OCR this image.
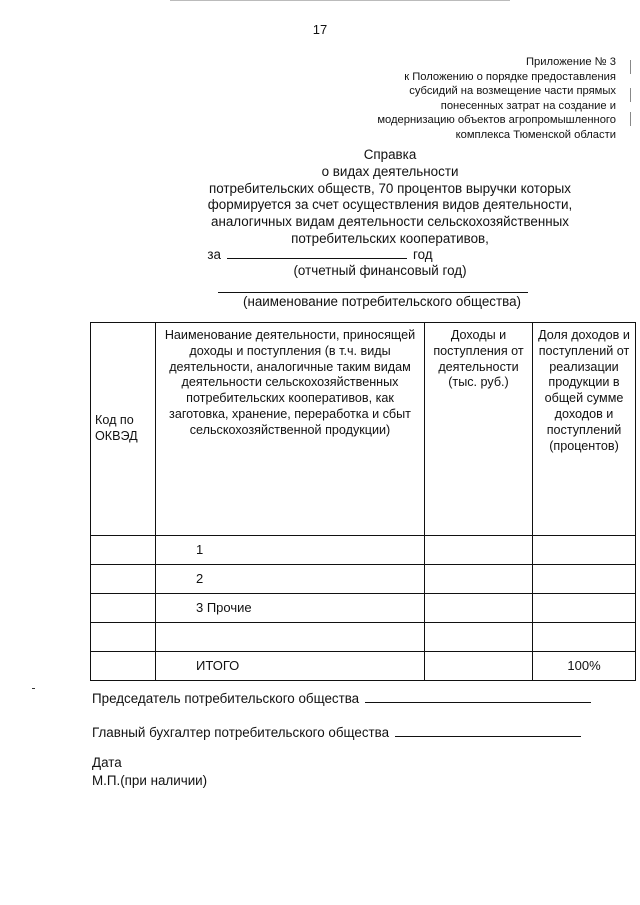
17
Приложение № 3
к Положению о порядке предоставления
субсидий на возмещение части прямых
понесенных затрат на создание и
модернизацию объектов агропромышленного
комплекса Тюменской области
Справка
о видах деятельности
потребительских обществ, 70 процентов выручки которых
формируется за счет осуществления видов деятельности,
аналогичных видам деятельности сельскохозяйственных
потребительских кооперативов,
за	год
(отчетный финансовый год)
(наименование потребительского общества)
Код по ОКВЭД	Наименование деятельности, приносящей доходы и поступления (в т.ч. виды деятельности, аналогичные таким видам деятельности сельскохозяйственных потребительских кооперативов, как заготовка, хранение, переработка и сбыт сельскохозяйственной продукции)	Доходы и поступления от деятельности (тыс. руб.)	Доля доходов и поступлений от реализации продукции в общей сумме доходов и поступлений (процентов)
	1		
	2		
	3 Прочие		

	ИТОГО		100%
Председатель потребительского общества
Главный бухгалтер потребительского общества
Дата
М.П.(при наличии)
